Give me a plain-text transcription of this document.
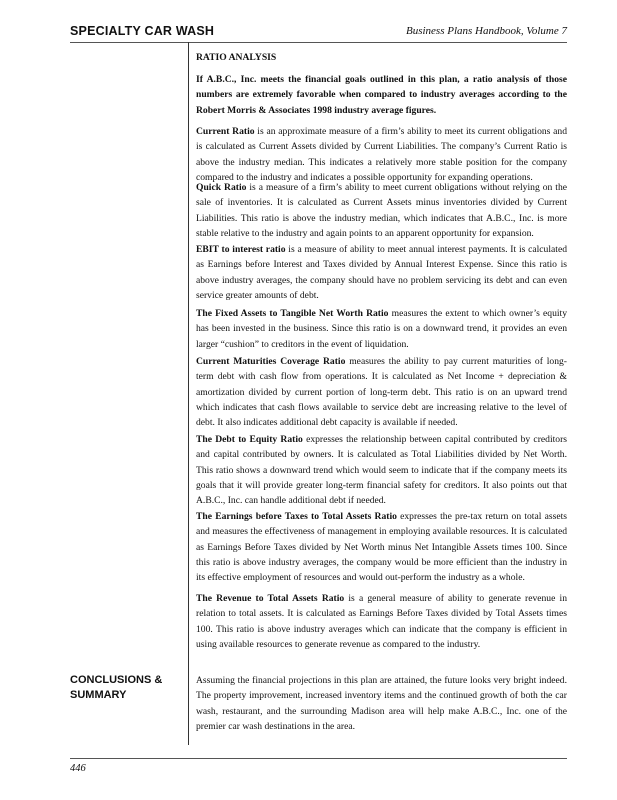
SPECIALTY CAR WASH	Business Plans Handbook, Volume 7
RATIO ANALYSIS

If A.B.C., Inc. meets the financial goals outlined in this plan, a ratio analysis of those numbers are extremely favorable when compared to industry averages according to the Robert Morris & Associates 1998 industry average figures.

Current Ratio is an approximate measure of a firm’s ability to meet its current obligations and is calculated as Current Assets divided by Current Liabilities. The company’s Current Ratio is above the industry median. This indicates a relatively more stable position for the company compared to the industry and indicates a possible opportunity for expanding operations.

Quick Ratio is a measure of a firm’s ability to meet current obligations without relying on the sale of inventories. It is calculated as Current Assets minus inventories divided by Current Liabilities. This ratio is above the industry median, which indicates that A.B.C., Inc. is more stable relative to the industry and again points to an apparent opportunity for expansion.

EBIT to interest ratio is a measure of ability to meet annual interest payments. It is calculated as Earnings before Interest and Taxes divided by Annual Interest Expense. Since this ratio is above industry averages, the company should have no problem servicing its debt and can even service greater amounts of debt.

The Fixed Assets to Tangible Net Worth Ratio measures the extent to which owner’s equity has been invested in the business. Since this ratio is on a downward trend, it provides an even larger “cushion” to creditors in the event of liquidation.

Current Maturities Coverage Ratio measures the ability to pay current maturities of long-term debt with cash flow from operations. It is calculated as Net Income + depreciation & amortization divided by current portion of long-term debt. This ratio is on an upward trend which indicates that cash flows available to service debt are increasing relative to the level of debt. It also indicates additional debt capacity is available if needed.

The Debt to Equity Ratio expresses the relationship between capital contributed by creditors and capital contributed by owners. It is calculated as Total Liabilities divided by Net Worth. This ratio shows a downward trend which would seem to indicate that if the company meets its goals that it will provide greater long-term financial safety for creditors. It also points out that A.B.C., Inc. can handle additional debt if needed.

The Earnings before Taxes to Total Assets Ratio expresses the pre-tax return on total assets and measures the effectiveness of management in employing available resources. It is calculated as Earnings Before Taxes divided by Net Worth minus Net Intangible Assets times 100. Since this ratio is above industry averages, the company would be more efficient than the industry in its effective employment of resources and would out-perform the industry as a whole.

The Revenue to Total Assets Ratio is a general measure of ability to generate revenue in relation to total assets. It is calculated as Earnings Before Taxes divided by Total Assets times 100. This ratio is above industry averages which can indicate that the company is efficient in using available resources to generate revenue as compared to the industry.

CONCLUSIONS & SUMMARY

Assuming the financial projections in this plan are attained, the future looks very bright indeed. The property improvement, increased inventory items and the continued growth of both the car wash, restaurant, and the surrounding Madison area will help make A.B.C., Inc. one of the premier car wash destinations in the area.

446
